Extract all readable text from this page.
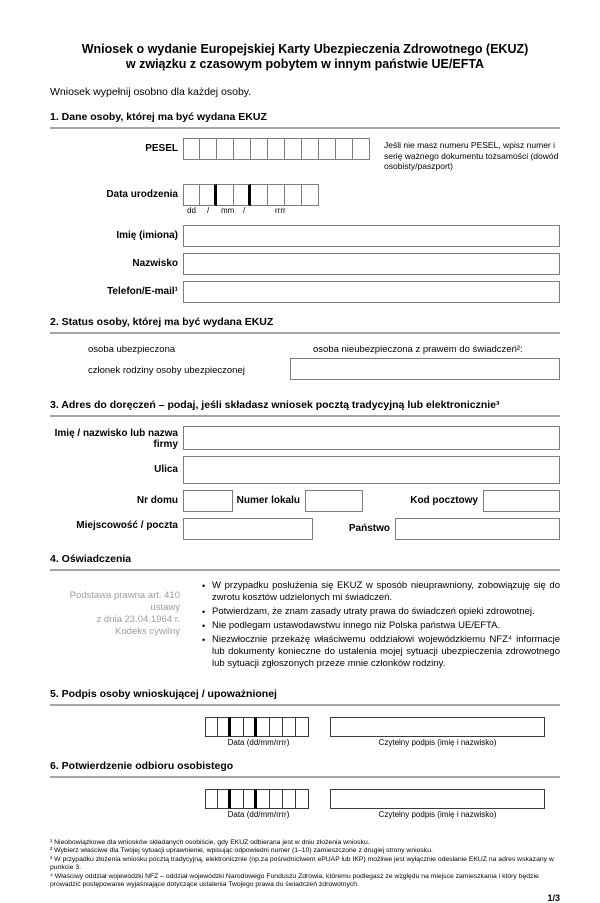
Wniosek o wydanie Europejskiej Karty Ubezpieczenia Zdrowotnego (EKUZ)
w związku z czasowym pobytem w innym państwie UE/EFTA
Wniosek wypełnij osobno dla każdej osoby.
1. Dane osoby, której ma być wydana EKUZ
PESEL	Jeśli nie masz numeru PESEL, wpisz numer i serię ważnego dokumentu tożsamości (dowód osobisty/paszport)
Data urodzenia
dd / mm /	rrrr
Imię (imiona)
Nazwisko
Telefon/E-mail¹
2. Status osoby, której ma być wydana EKUZ
osoba ubezpieczona
członek rodziny osoby ubezpieczonej
osoba nieubezpieczona z prawem do świadczeń²:
3. Adres do doręczeń – podaj, jeśli składasz wniosek pocztą tradycyjną lub elektronicznie³
Imię / nazwisko lub nazwa firmy
Ulica
Nr domu	Numer lokalu	Kod pocztowy
Miejscowość / poczta	Państwo
4. Oświadczenia
Podstawa prawna art. 410 ustawy
z dnia 23.04.1964 r.
Kodeks cywilny
• W przypadku posłużenia się EKUZ w sposób nieuprawniony, zobowiązuję się do zwrotu kosztów udzielonych mi świadczeń.
• Potwierdzam, że znam zasady utraty prawa do świadczeń opieki zdrowotnej.
• Nie podlegam ustawodawstwu innego niż Polska państwa UE/EFTA.
• Niezwłocznie przekażę właściwemu oddziałowi wojewódzkiemu NFZ⁴ informacje lub dokumenty konieczne do ustalenia mojej sytuacji ubezpieczenia zdrowotnego lub sytuacji zgłoszonych przeze mnie członków rodziny.
5. Podpis osoby wnioskującej / upoważnionej
Data (dd/mm/rrrr)	Czytelny podpis (imię i nazwisko)
6. Potwierdzenie odbioru osobistego
Data (dd/mm/rrrr)	Czytelny podpis (imię i nazwisko)
¹ Nieobowiązkowe dla wniosków składanych osobiście, gdy EKUZ odbierana jest w dniu złożenia wniosku.
² Wybierz właściwe dla Twojej sytuacji uprawnienie, wpisując odpowiedni numer (1–10) zamieszczone z drugiej strony wniosku.
³ W przypadku złożenia wniosku pocztą tradycyjną, elektronicznie (np.za pośrednictwem ePUAP lub IKP) możliwe jest wyłącznie odesłanie EKUZ na adres wskazany w punkcie 3.
⁴ Właściwy oddział wojewódzki NFZ – oddział wojewódzki Narodowego Funduszu Zdrowia, któremu podlegasz ze względu na miejsce zamieszkania i który będzie prowadzić postępowanie wyjaśniające dotyczące ustalenia Twojego prawa do świadczeń zdrowotnych.
1/3
